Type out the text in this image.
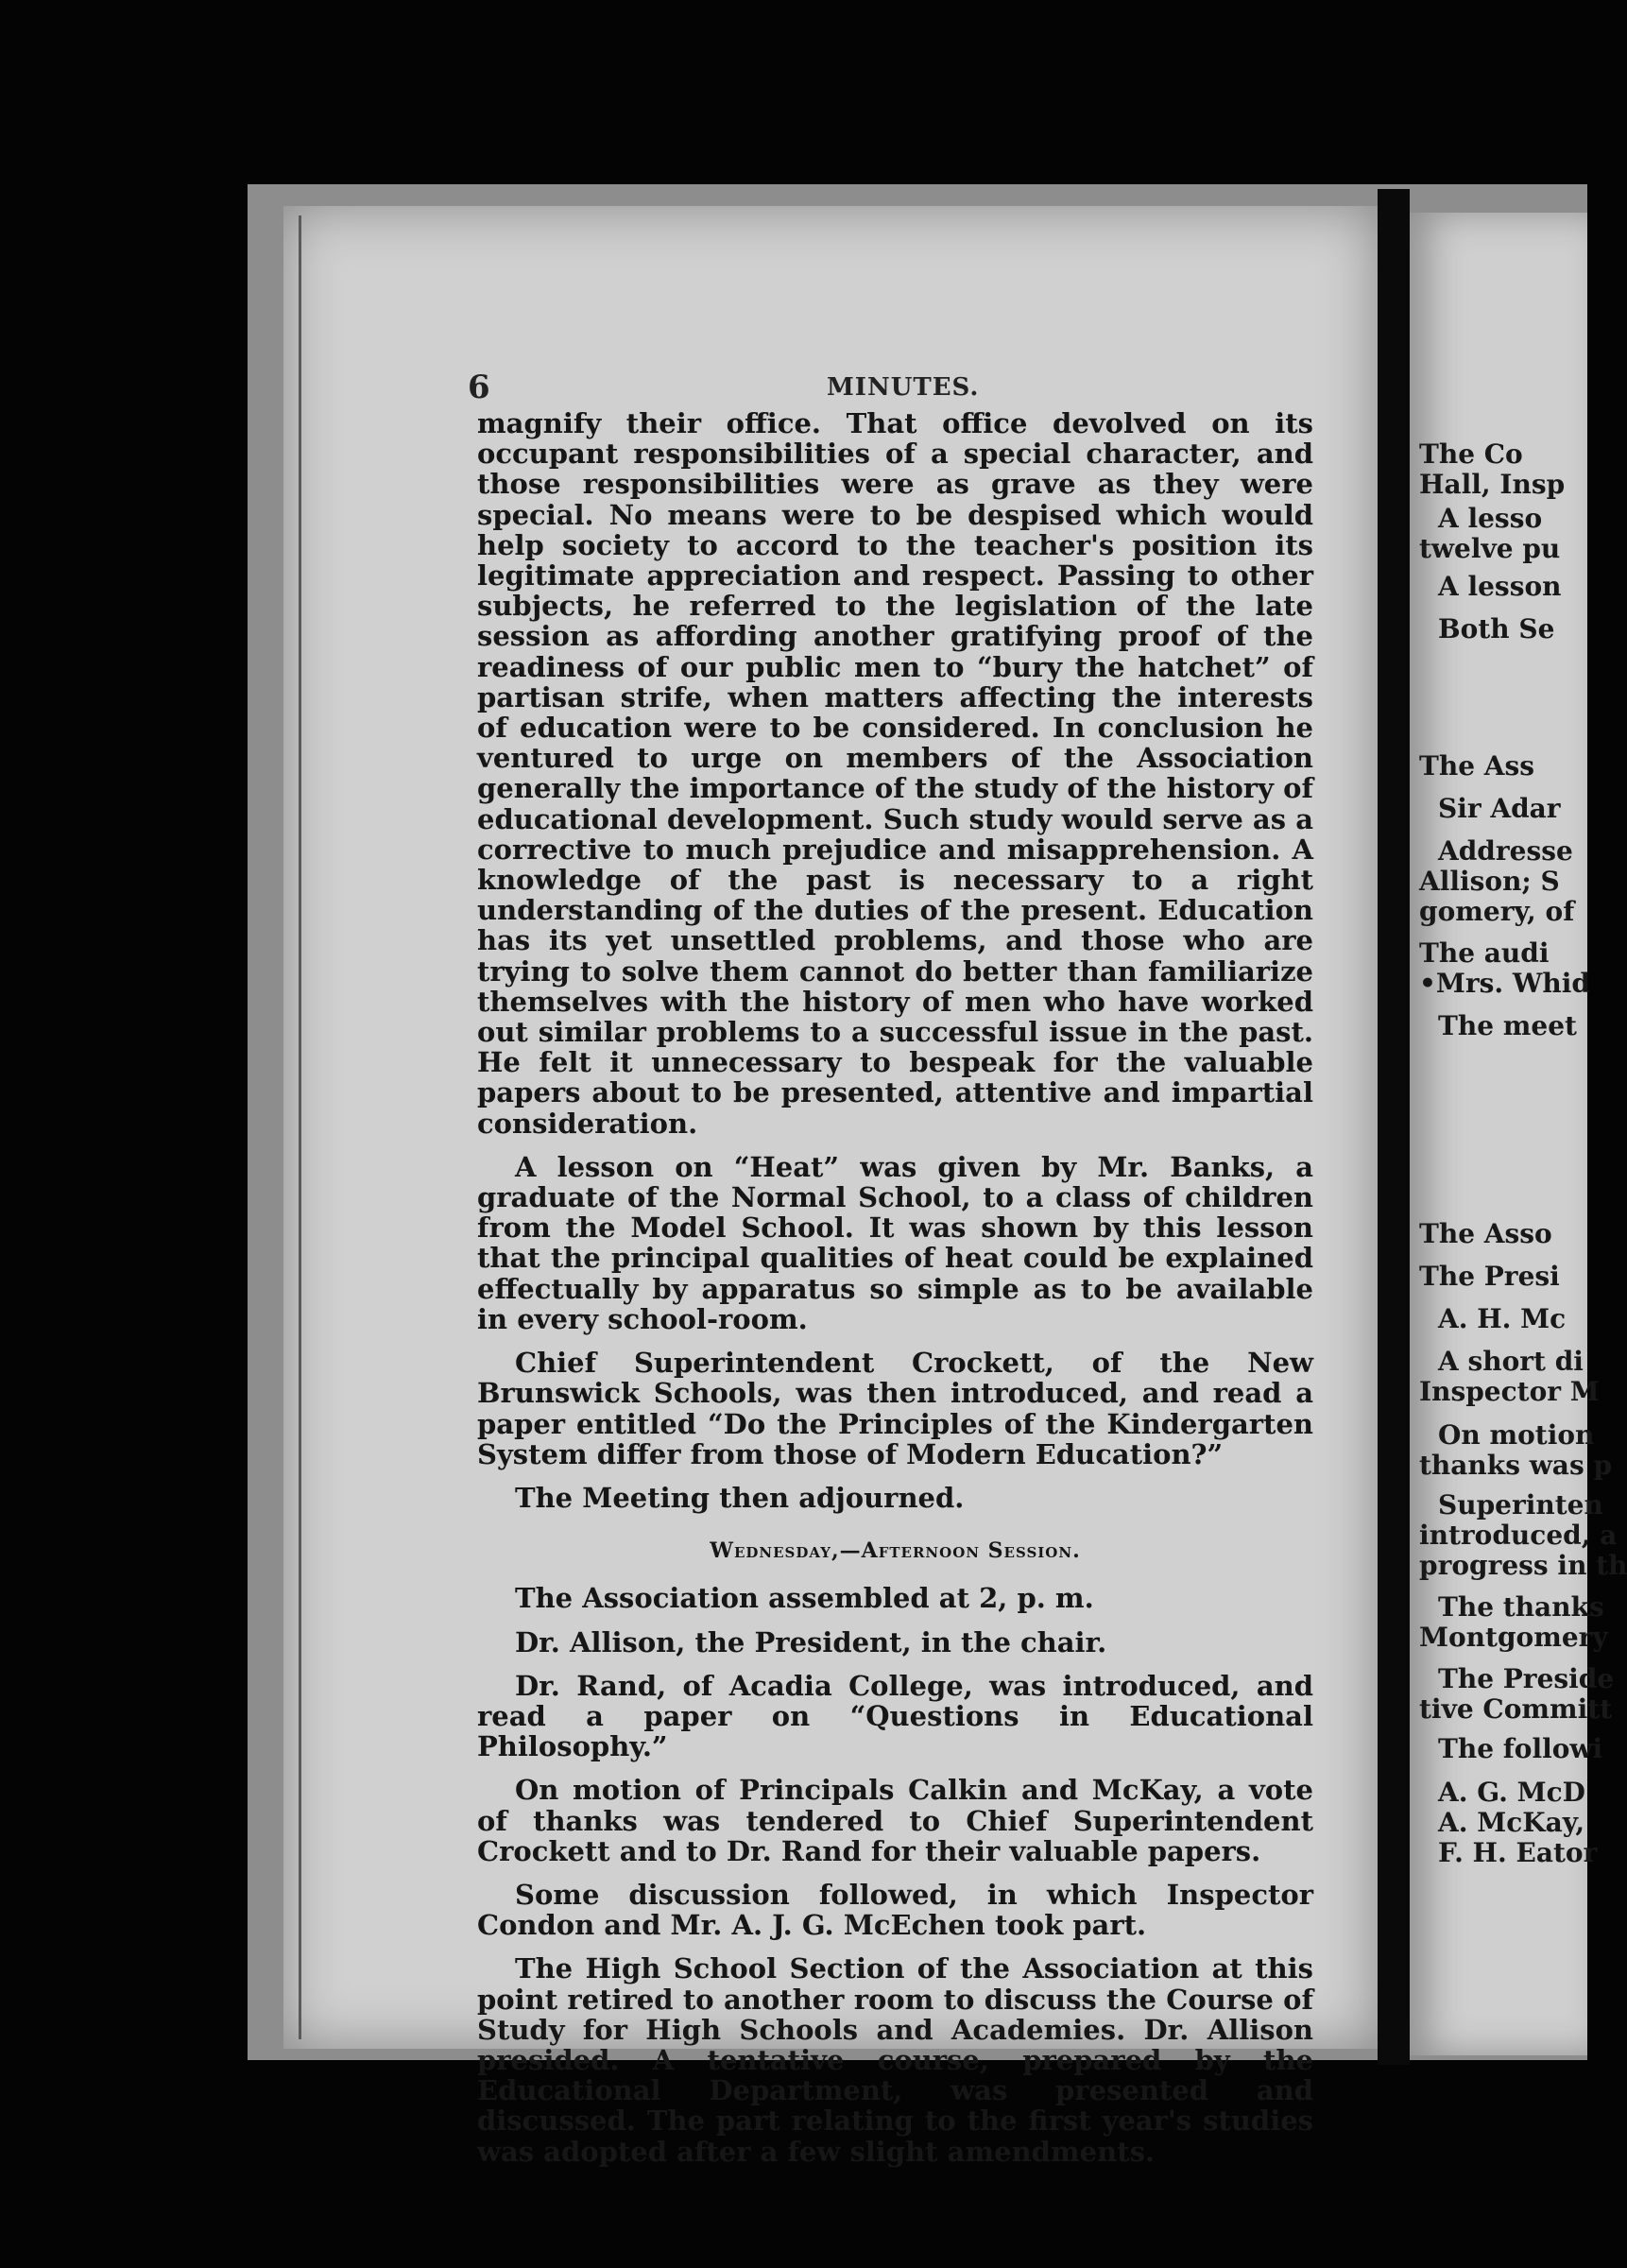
The Co
Hall, Insp
A lesso
twelve pu
A lesson
Both Se
The Ass
Sir Adar
Addresse
Allison; S
gomery, of
The audi
•Mrs. Whid
The meet
The Asso
The Presi
A. H. Mc
A short di
Inspector M
On motion
thanks was p
Superinten
introduced, a
progress in th
The thanks
Montgomery
The Preside
tive Committ
The followi
A. G. McD
A. McKay,
F. H. Eator
6	MINUTES.

magnify their office. That office devolved on its occupant responsibilities of a special character, and those responsibilities were as grave as they were special. No means were to be despised which would help society to accord to the teacher's position its legitimate appreciation and respect. Passing to other subjects, he referred to the legislation of the late session as affording another gratifying proof of the readiness of our public men to “bury the hatchet” of partisan strife, when matters affecting the interests of education were to be considered. In conclusion he ventured to urge on members of the Association generally the importance of the study of the history of educational development. Such study would serve as a corrective to much prejudice and misapprehension. A knowledge of the past is necessary to a right understanding of the duties of the present. Education has its yet unsettled problems, and those who are trying to solve them cannot do better than familiarize themselves with the history of men who have worked out similar problems to a successful issue in the past. He felt it unnecessary to bespeak for the valuable papers about to be presented, attentive and impartial consideration.

A lesson on “Heat” was given by Mr. Banks, a graduate of the Normal School, to a class of children from the Model School. It was shown by this lesson that the principal qualities of heat could be explained effectually by apparatus so simple as to be available in every school-room.

Chief Superintendent Crockett, of the New Brunswick Schools, was then introduced, and read a paper entitled “Do the Principles of the Kindergarten System differ from those of Modern Education?”

The Meeting then adjourned.

Wednesday,—Afternoon Session.

The Association assembled at 2, p. m.

Dr. Allison, the President, in the chair.

Dr. Rand, of Acadia College, was introduced, and read a paper on “Questions in Educational Philosophy.”

On motion of Principals Calkin and McKay, a vote of thanks was tendered to Chief Superintendent Crockett and to Dr. Rand for their valuable papers.

Some discussion followed, in which Inspector Condon and Mr. A. J. G. McEchen took part.

The High School Section of the Association at this point retired to another room to discuss the Course of Study for High Schools and Academies. Dr. Allison presided. A tentative course, prepared by the Educational Department, was presented and discussed. The part relating to the first year's studies was adopted after a few slight amendments.
